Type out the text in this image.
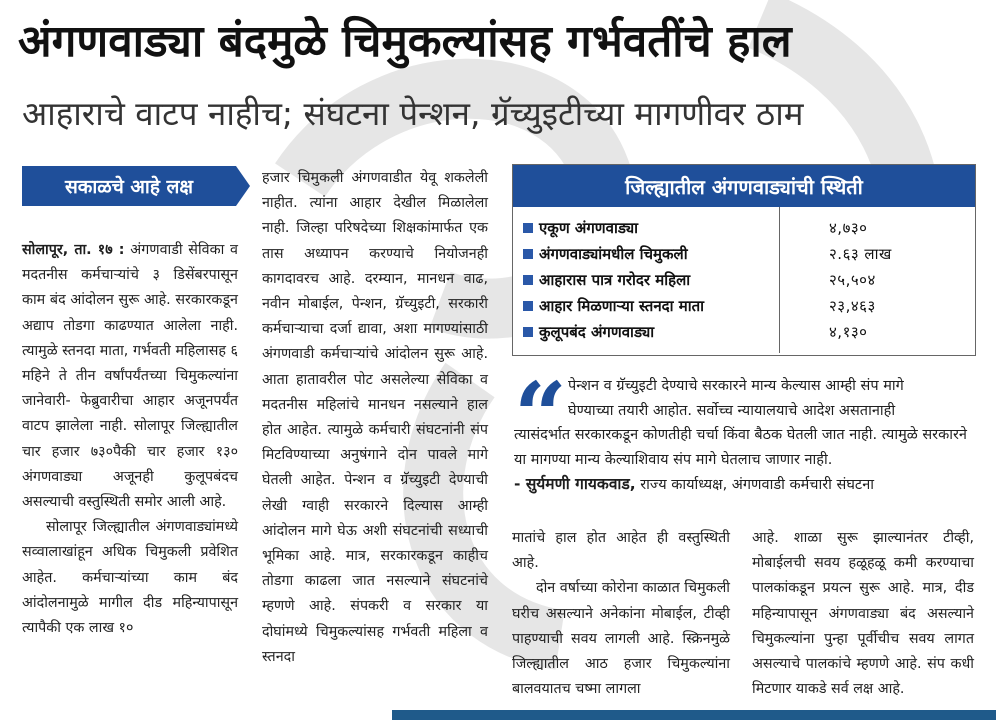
अंगणवाड्या बंदमुळे चिमुकल्यांसह गर्भवतींचे हाल
आहाराचे वाटप नाहीच; संघटना पेन्शन, ग्रॅच्युइटीच्या मागणीवर ठाम
सकाळचे आहे लक्ष

सोलापूर, ता. १७ : अंगणवाडी सेविका व मदतनीस कर्मचाऱ्यांचे ३ डिसेंबरपासून काम बंद आंदोलन सुरू आहे. सरकारकडून अद्याप तोडगा काढण्यात आलेला नाही. त्यामुळे स्तनदा माता, गर्भवती महिलासह ६ महिने ते तीन वर्षांपर्यंतच्या चिमुकल्यांना जानेवारी- फेब्रुवारीचा आहार अजूनपर्यंत वाटप झालेला नाही. सोलापूर जिल्ह्यातील चार हजार ७३०पैकी चार हजार १३० अंगणवाड्या अजूनही कुलूपबंदच असल्याची वस्तुस्थिती समोर आली आहे.

सोलापूर जिल्ह्यातील अंगणवाड्यांमध्ये सव्वालाखांहून अधिक चिमुकली प्रवेशित आहेत. कर्मचाऱ्यांच्या काम बंद आंदोलनामुळे मागील दीड महिन्यापासून त्यापैकी एक लाख १०

हजार चिमुकली अंगणवाडीत येवू शकलेली नाहीत. त्यांना आहार देखील मिळालेला नाही. जिल्हा परिषदेच्या शिक्षकांमार्फत एक तास अध्यापन करण्याचे नियोजनही कागदावरच आहे. दरम्यान, मानधन वाढ, नवीन मोबाईल, पेन्शन, ग्रॅच्युइटी, सरकारी कर्मचाऱ्याचा दर्जा द्यावा, अशा मागण्यांसाठी अंगणवाडी कर्मचाऱ्यांचे आंदोलन सुरू आहे. आता हातावरील पोट असलेल्या सेविका व मदतनीस महिलांचे मानधन नसल्याने हाल होत आहेत. त्यामुळे कर्मचारी संघटनांनी संप मिटविण्याच्या अनुषंगाने दोन पावले मागे घेतली आहेत. पेन्शन व ग्रॅच्युइटी देण्याची लेखी ग्वाही सरकारने दिल्यास आम्ही आंदोलन मागे घेऊ अशी संघटनांची सध्याची भूमिका आहे. मात्र, सरकारकडून काहीच तोडगा काढला जात नसल्याने संघटनांचे म्हणणे आहे. संपकरी व सरकार या दोघांमध्ये चिमुकल्यांसह गर्भवती महिला व स्तनदा

जिल्ह्यातील अंगणवाड्यांची स्थिती
एकूण अंगणवाड्या	४,७३०
अंगणवाड्यांमधील चिमुकली	२.६३ लाख
आहारास पात्र गरोदर महिला	२५,५०४
आहार मिळणाऱ्या स्तनदा माता	२३,४६३
कुलूपबंद अंगणवाड्या	४,१३०
“ पेन्शन व ग्रॅच्युइटी देण्याचे सरकारने मान्य केल्यास आम्ही संप मागे

घेण्याच्या तयारी आहोत. सर्वोच्च न्यायालयाचे आदेश असतानाही

त्यासंदर्भात सरकारकडून कोणतीही चर्चा किंवा बैठक घेतली जात नाही. त्यामुळे सरकारने या मागण्या मान्य केल्याशिवाय संप मागे घेतलाच जाणार नाही.

- सुर्यमणी गायकवाड, राज्य कार्याध्यक्ष, अंगणवाडी कर्मचारी संघटना

मातांचे हाल होत आहेत ही वस्तुस्थिती आहे.

दोन वर्षाच्या कोरोना काळात चिमुकली घरीच असल्याने अनेकांना मोबाईल, टीव्ही पाहण्याची सवय लागली आहे. स्क्रिनमुळे जिल्ह्यातील आठ हजार चिमुकल्यांना बालवयातच चष्मा लागला

आहे. शाळा सुरू झाल्यानंतर टीव्ही, मोबाईलची सवय हळूहळू कमी करण्याचा पालकांकडून प्रयत्न सुरू आहे. मात्र, दीड महिन्यापासून अंगणवाड्या बंद असल्याने चिमुकल्यांना पुन्हा पूर्वीचीच सवय लागत असल्याचे पालकांचे म्हणणे आहे. संप कधी मिटणार याकडे सर्व लक्ष आहे.
